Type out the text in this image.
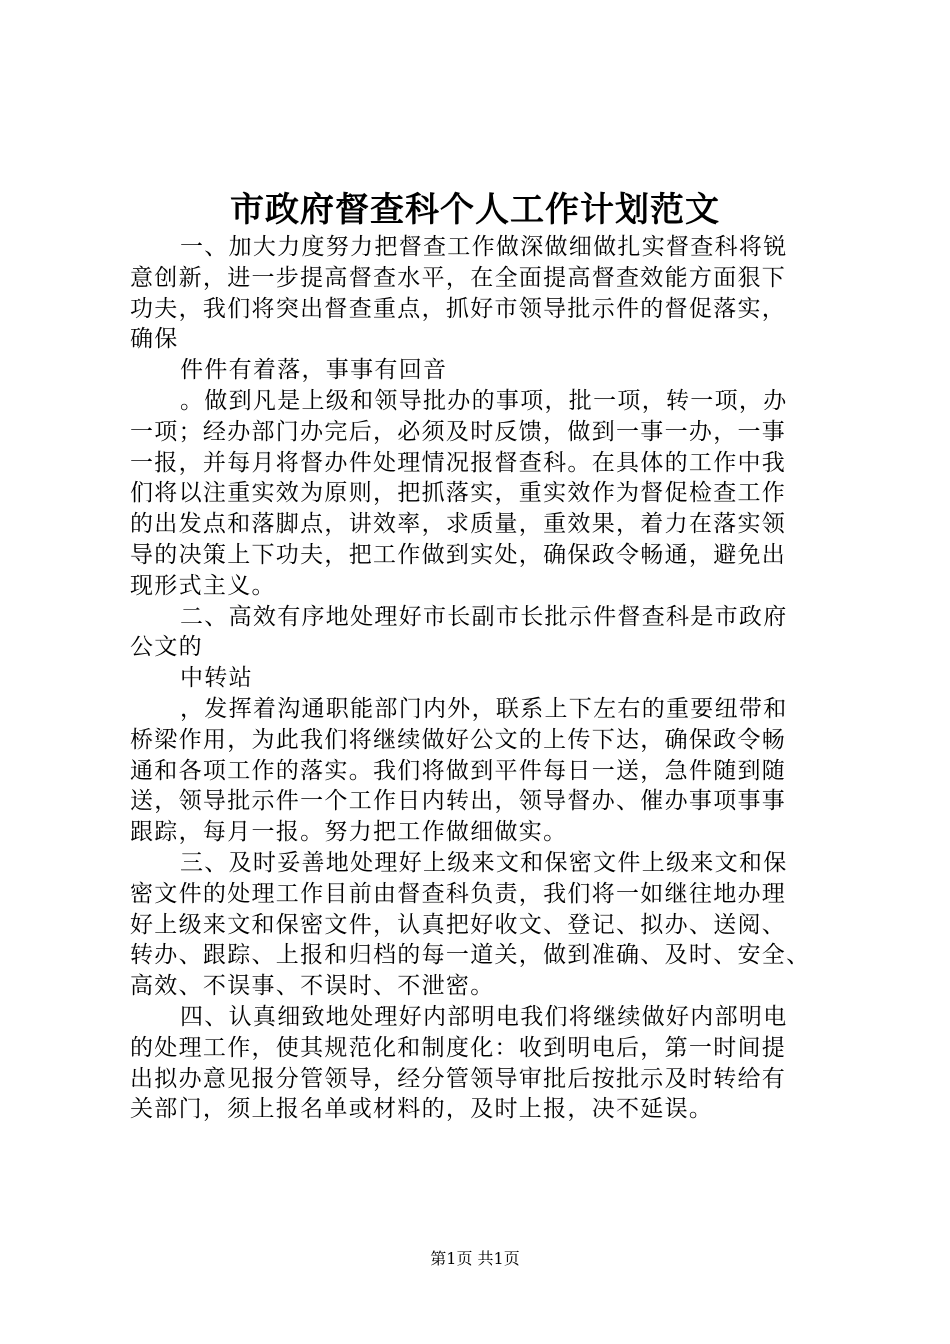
市政府督查科个人工作计划范文
一、加大力度努力把督查工作做深做细做扎实督查科将锐
意创新，进一步提高督查水平，在全面提高督查效能方面狠下
功夫，我们将突出督查重点，抓好市领导批示件的督促落实，
确保
件件有着落，事事有回音
。做到凡是上级和领导批办的事项，批一项，转一项，办
一项；经办部门办完后，必须及时反馈，做到一事一办，一事
一报，并每月将督办件处理情况报督查科。在具体的工作中我
们将以注重实效为原则，把抓落实，重实效作为督促检查工作
的出发点和落脚点，讲效率，求质量，重效果，着力在落实领
导的决策上下功夫，把工作做到实处，确保政令畅通，避免出
现形式主义。
二、高效有序地处理好市长副市长批示件督查科是市政府
公文的
中转站
，发挥着沟通职能部门内外，联系上下左右的重要纽带和
桥梁作用，为此我们将继续做好公文的上传下达，确保政令畅
通和各项工作的落实。我们将做到平件每日一送，急件随到随
送，领导批示件一个工作日内转出，领导督办、催办事项事事
跟踪，每月一报。努力把工作做细做实。
三、及时妥善地处理好上级来文和保密文件上级来文和保
密文件的处理工作目前由督查科负责，我们将一如继往地办理
好上级来文和保密文件，认真把好收文、登记、拟办、送阅、
转办、跟踪、上报和归档的每一道关，做到准确、及时、安全、
高效、不误事、不误时、不泄密。
四、认真细致地处理好内部明电我们将继续做好内部明电
的处理工作，使其规范化和制度化：收到明电后，第一时间提
出拟办意见报分管领导，经分管领导审批后按批示及时转给有
关部门，须上报名单或材料的，及时上报，决不延误。
第1页 共1页
